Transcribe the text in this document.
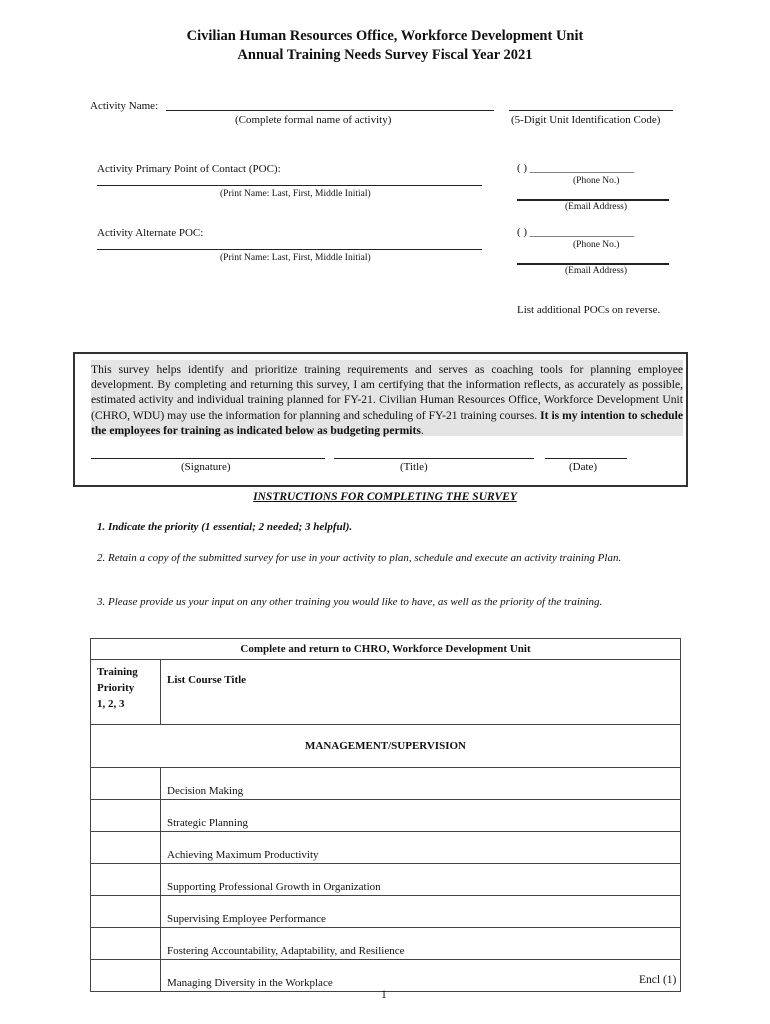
Civilian Human Resources Office, Workforce Development Unit
Annual Training Needs Survey Fiscal Year 2021
Activity Name:
(Complete formal name of activity)	(5-Digit Unit Identification Code)
Activity Primary Point of Contact (POC):
(Print Name: Last, First, Middle Initial)
( ) ___________________
(Phone No.)
(Email Address)
Activity Alternate POC:
(Print Name: Last, First, Middle Initial)
( ) ___________________
(Phone No.)
(Email Address)
List additional POCs on reverse.
This survey helps identify and prioritize training requirements and serves as coaching tools for planning employee development. By completing and returning this survey, I am certifying that the information reflects, as accurately as possible, estimated activity and individual training planned for FY-21. Civilian Human Resources Office, Workforce Development Unit (CHRO, WDU) may use the information for planning and scheduling of FY-21 training courses. It is my intention to schedule the employees for training as indicated below as budgeting permits.
(Signature)	(Title)	(Date)
INSTRUCTIONS FOR COMPLETING THE SURVEY
1. Indicate the priority (1 essential; 2 needed; 3 helpful).
2. Retain a copy of the submitted survey for use in your activity to plan, schedule and execute an activity training Plan.
3. Please provide us your input on any other training you would like to have, as well as the priority of the training.
Complete and return to CHRO, Workforce Development Unit	

Training
Priority
1, 2, 3	List Course Title
MANAGEMENT/SUPERVISION	
	Decision Making
	Strategic Planning
	Achieving Maximum Productivity
	Supporting Professional Growth in Organization
	Supervising Employee Performance
	Fostering Accountability, Adaptability, and Resilience
	Managing Diversity in the Workplace	Encl (1)
1
